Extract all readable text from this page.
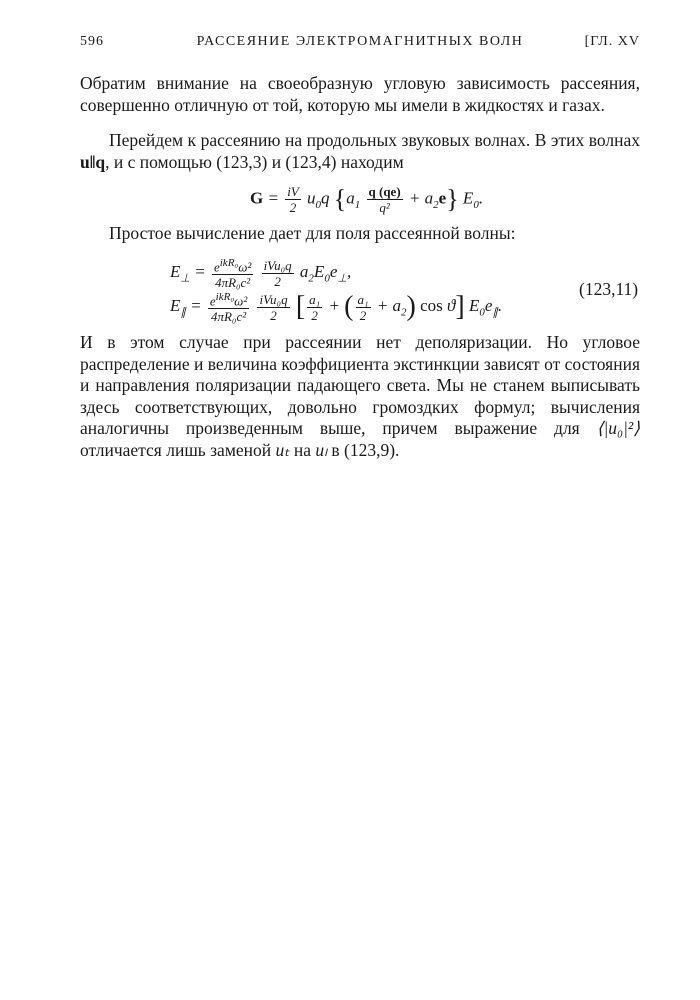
596	РАССЕЯНИЕ ЭЛЕКТРОМАГНИТНЫХ ВОЛН	[ГЛ. XV
Обратим внимание на своеобразную угловую зависимость рассеяния, совершенно отличную от той, которую мы имели в жидкостях и газах.
Перейдем к рассеянию на продольных звуковых волнах. В этих волнах u‖q, и с помощью (123,3) и (123,4) находим
$G = \frac{iV}{2} u_0q$ $\{a_1 \frac{q (qe)}{\text{q²}} + a_2e\}$ $E_0$.
Простое вычисление дает для поля рассеянной волны:
$E_\perp = \frac{e^{ikR_0}\omega^2}{\text{4πR₀c²}}$
$\frac{\text{iVu₀q}}{2} a_2E_0e_\perp$,
$E_\parallel = \frac{e^{ikR_0}\omega^2}{\text{4πR₀c²}}$
$\frac{\text{iVu₀q}}{2}$ [ $\frac{\text{a₁}}{2}$ + ( $\frac{\text{a₁}}{2} + a_2$) cos ϑ] $E_0e_\parallel$.
(123,11)
И в этом случае при рассеянии нет деполяризации. Но угловое распределение и величина коэффициента экстинкции зависят от состояния и направления поляризации падающего света. Мы не станем выписывать здесь соответствующих, довольно громоздких формул; вычисления аналогичны произведенным выше, причем выражение для ⟨|u₀|²⟩ отличается лишь заменой uₜ на uₗ в (123,9).
